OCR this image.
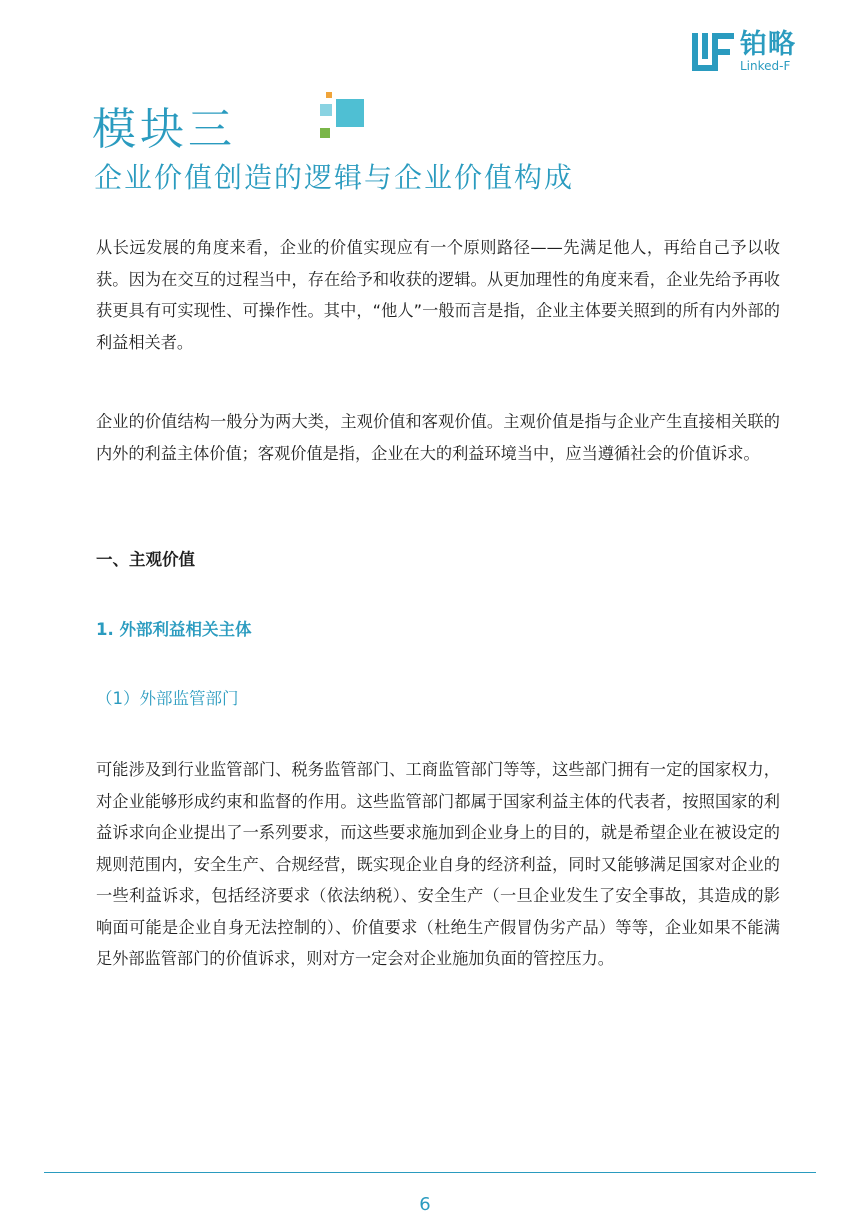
铂略
Linked-F
模块三
企业价值创造的逻辑与企业价值构成

从长远发展的角度来看，企业的价值实现应有一个原则路径——先满足他人，再给自己予以收获。因为在交互的过程当中，存在给予和收获的逻辑。从更加理性的角度来看，企业先给予再收获更具有可实现性、可操作性。其中，“他人”一般而言是指，企业主体要关照到的所有内外部的利益相关者。

企业的价值结构一般分为两大类，主观价值和客观价值。主观价值是指与企业产生直接相关联的内外的利益主体价值；客观价值是指，企业在大的利益环境当中，应当遵循社会的价值诉求。

一、主观价值

1. 外部利益相关主体

（1）外部监管部门

可能涉及到行业监管部门、税务监管部门、工商监管部门等等，这些部门拥有一定的国家权力，对企业能够形成约束和监督的作用。这些监管部门都属于国家利益主体的代表者，按照国家的利益诉求向企业提出了一系列要求，而这些要求施加到企业身上的目的，就是希望企业在被设定的规则范围内，安全生产、合规经营，既实现企业自身的经济利益，同时又能够满足国家对企业的一些利益诉求，包括经济要求（依法纳税）、安全生产（一旦企业发生了安全事故，其造成的影响面可能是企业自身无法控制的）、价值要求（杜绝生产假冒伪劣产品）等等，企业如果不能满足外部监管部门的价值诉求，则对方一定会对企业施加负面的管控压力。

6
